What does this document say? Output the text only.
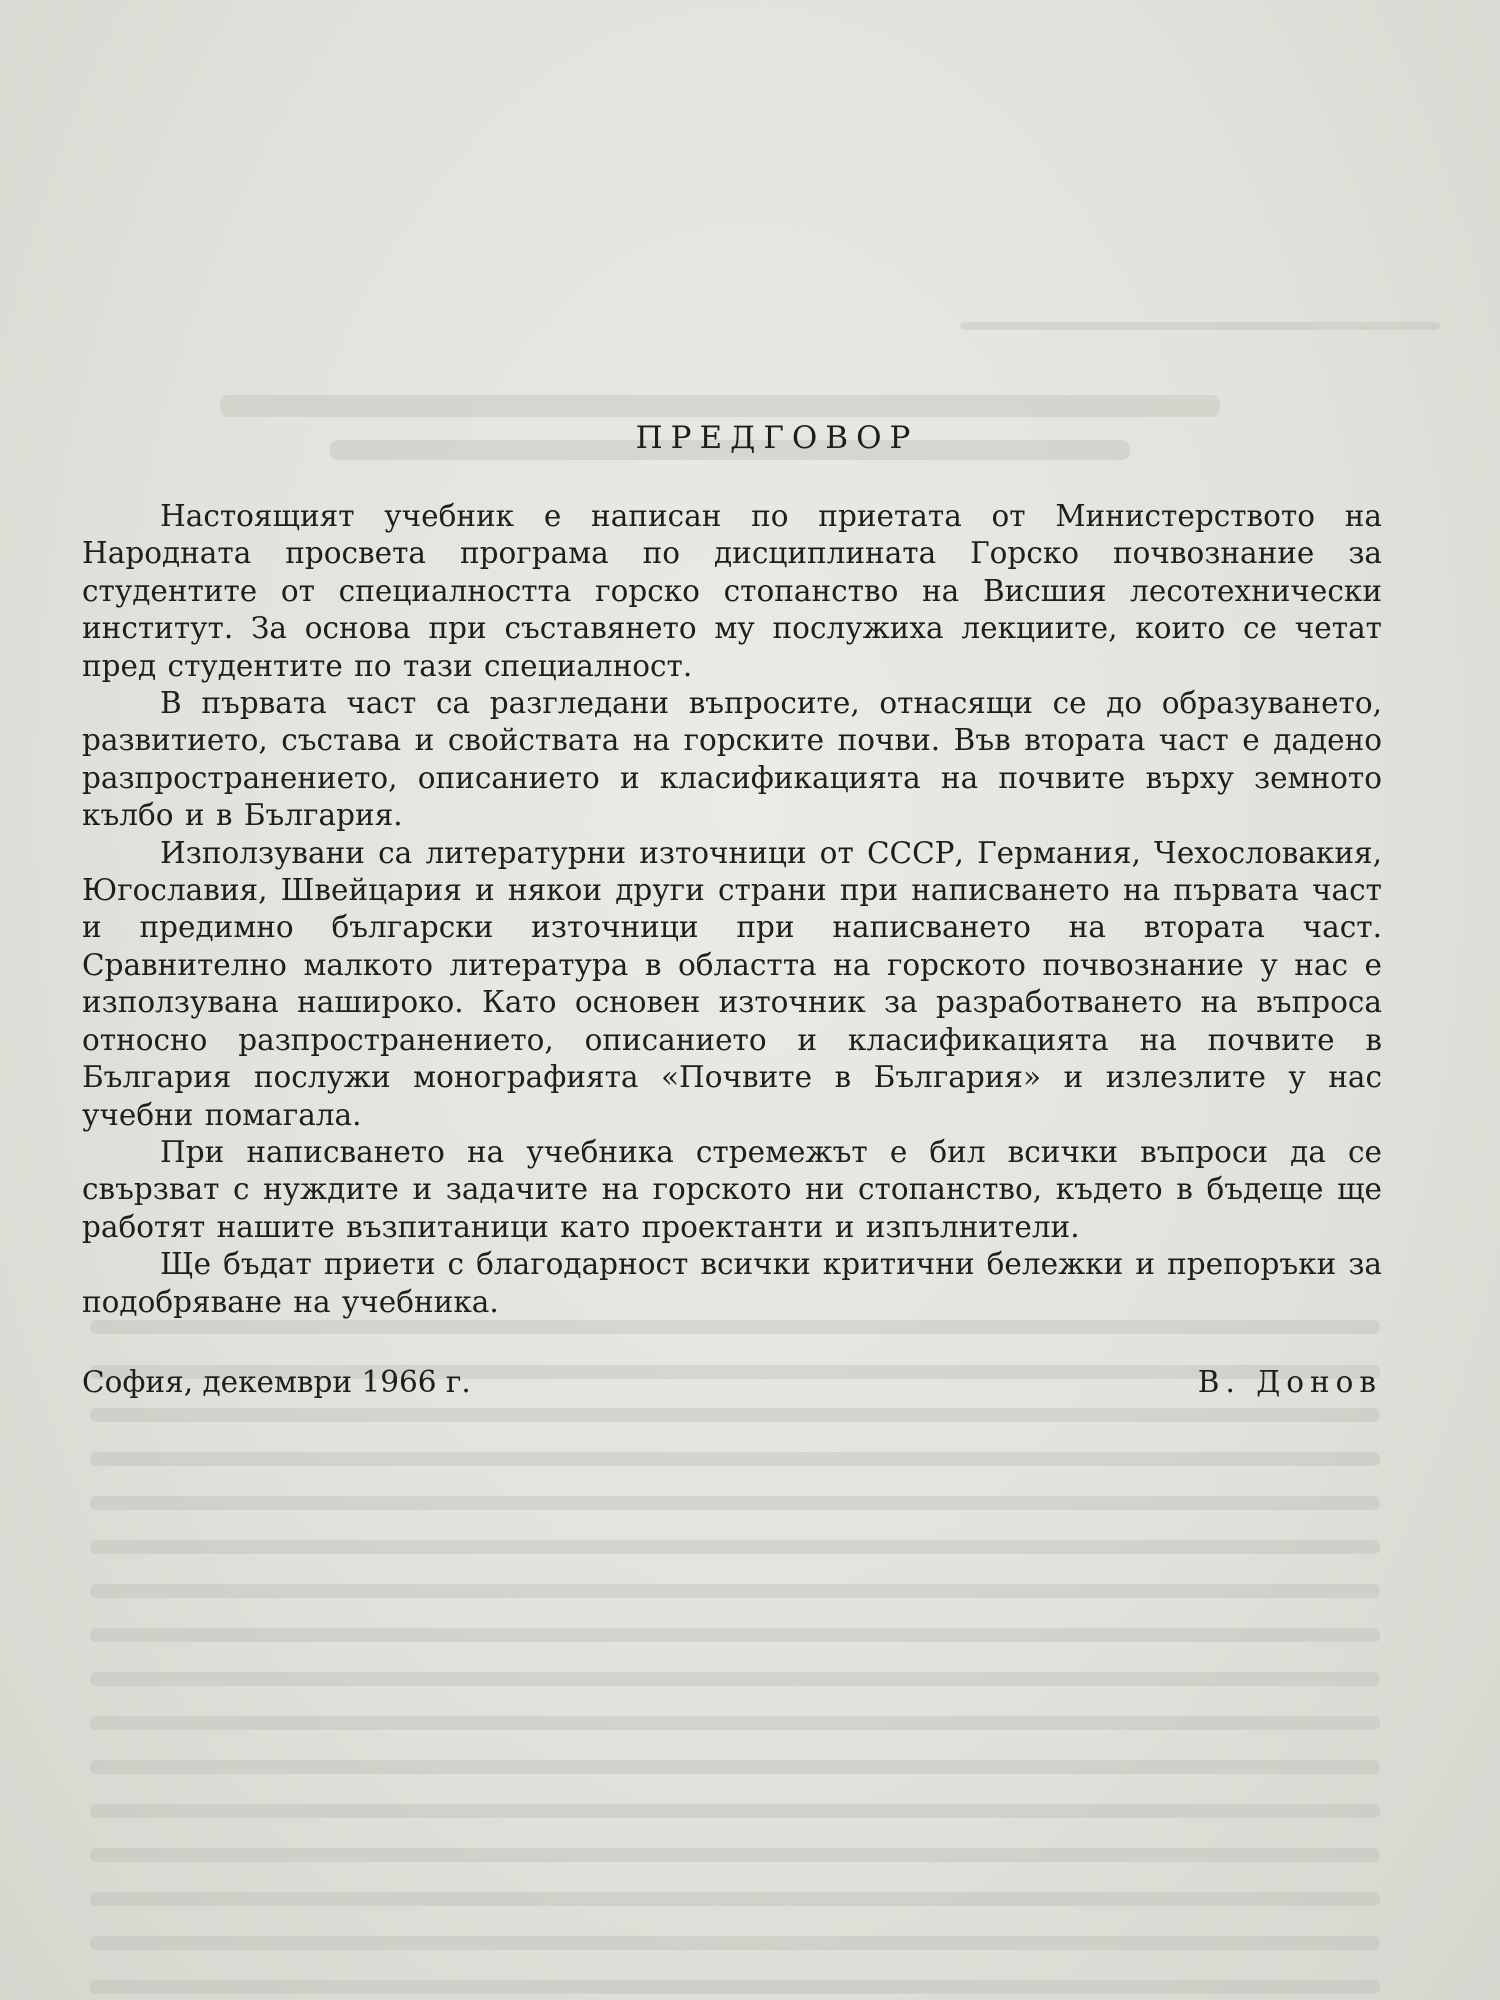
ПРЕДГОВОР

Настоящият учебник е написан по приетата от Министерството на Народната просвета програма по дисциплината Горско почвознание за студентите от специалността горско стопанство на Висшия лесотехнически институт. За основа при съставянето му послужиха лекциите, които се четат пред студентите по тази специалност.

В първата част са разгледани въпросите, отнасящи се до образуването, развитието, състава и свойствата на горските почви. Във втората част е дадено разпространението, описанието и класификацията на почвите върху земното кълбо и в България.

Използувани са литературни източници от СССР, Германия, Чехословакия, Югославия, Швейцария и някои други страни при написването на първата част и предимно български източници при написването на втората част. Сравнително малкото литература в областта на горското почвознание у нас е използувана нашироко. Като основен източник за разработването на въпроса относно разпространението, описанието и класификацията на почвите в България послужи монографията «Почвите в България» и излезлите у нас учебни помагала.

При написването на учебника стремежът е бил всички въпроси да се свързват с нуждите и задачите на горското ни стопанство, където в бъдеще ще работят нашите възпитаници като проектанти и изпълнители.

Ще бъдат приети с благодарност всички критични бележки и препоръки за подобряване на учебника.

София, декември 1966 г.	В. Донов
